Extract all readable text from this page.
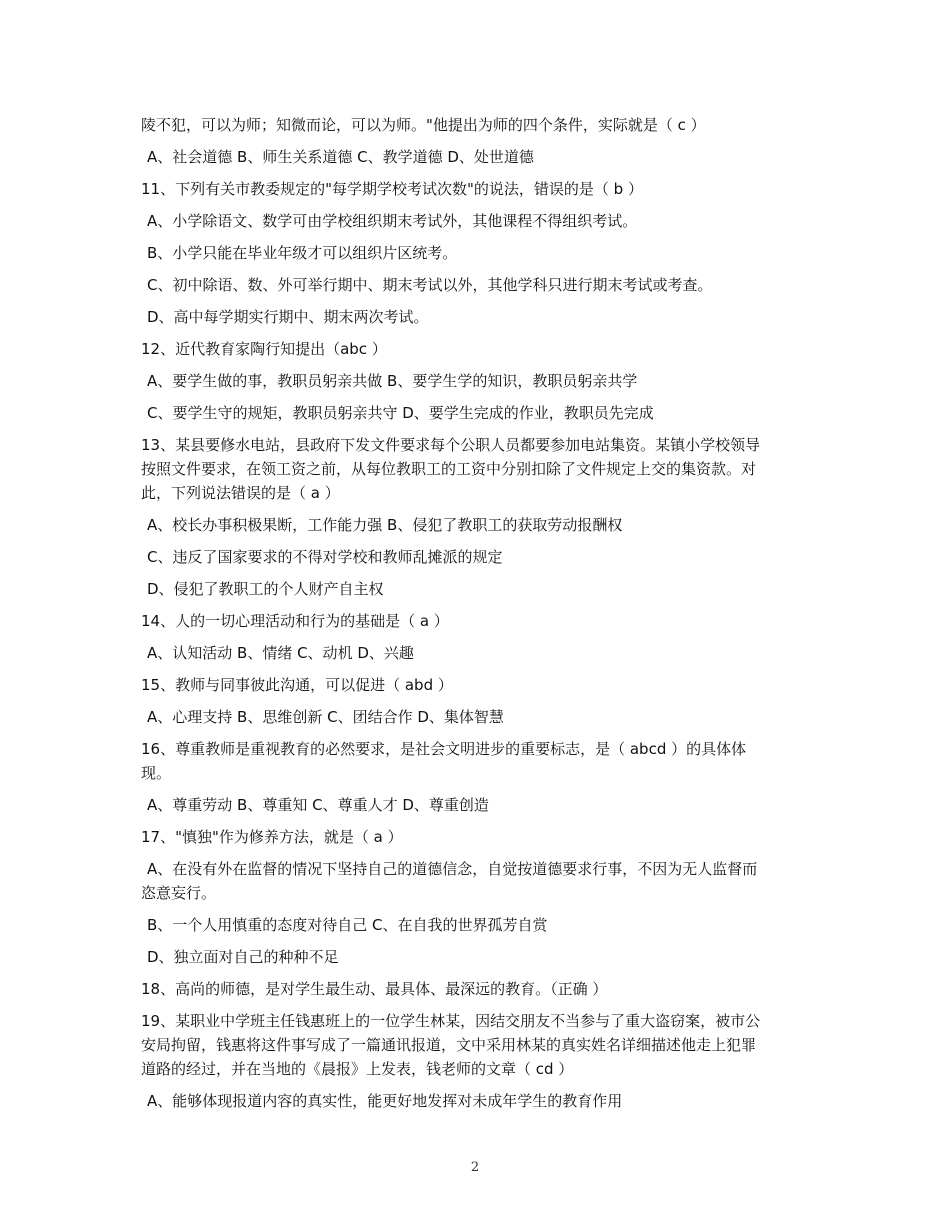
陵不犯，可以为师；知微而论，可以为师。"他提出为师的四个条件，实际就是（ c ）
A、社会道德 B、师生关系道德 C、教学道德 D、处世道德
11、下列有关市教委规定的"每学期学校考试次数"的说法，错误的是（ b ）
A、小学除语文、数学可由学校组织期末考试外，其他课程不得组织考试。
B、小学只能在毕业年级才可以组织片区统考。
C、初中除语、数、外可举行期中、期末考试以外，其他学科只进行期末考试或考查。
D、高中每学期实行期中、期末两次考试。
12、近代教育家陶行知提出（abc ）
A、要学生做的事，教职员躬亲共做 B、要学生学的知识，教职员躬亲共学
C、要学生守的规矩，教职员躬亲共守 D、要学生完成的作业，教职员先完成
13、某县要修水电站，县政府下发文件要求每个公职人员都要参加电站集资。某镇小学校领导
按照文件要求，在领工资之前，从每位教职工的工资中分别扣除了文件规定上交的集资款。对
此，下列说法错误的是（ a ）
A、校长办事积极果断，工作能力强 B、侵犯了教职工的获取劳动报酬权
C、违反了国家要求的不得对学校和教师乱摊派的规定
D、侵犯了教职工的个人财产自主权
14、人的一切心理活动和行为的基础是（ a ）
A、认知活动 B、情绪 C、动机 D、兴趣
15、教师与同事彼此沟通，可以促进（ abd ）
A、心理支持 B、思维创新 C、团结合作 D、集体智慧
16、尊重教师是重视教育的必然要求，是社会文明进步的重要标志，是（ abcd ）的具体体
现。
A、尊重劳动 B、尊重知 C、尊重人才 D、尊重创造
17、"慎独"作为修养方法，就是（ a ）
A、在没有外在监督的情况下坚持自己的道德信念，自觉按道德要求行事，不因为无人监督而
恣意妄行。
B、一个人用慎重的态度对待自己 C、在自我的世界孤芳自赏
D、独立面对自己的种种不足
18、高尚的师德，是对学生最生动、最具体、最深远的教育。（正确 ）
19、某职业中学班主任钱惠班上的一位学生林某，因结交朋友不当参与了重大盗窃案，被市公
安局拘留，钱惠将这件事写成了一篇通讯报道，文中采用林某的真实姓名详细描述他走上犯罪
道路的经过，并在当地的《晨报》上发表，钱老师的文章（ cd ）
A、能够体现报道内容的真实性，能更好地发挥对未成年学生的教育作用
2
